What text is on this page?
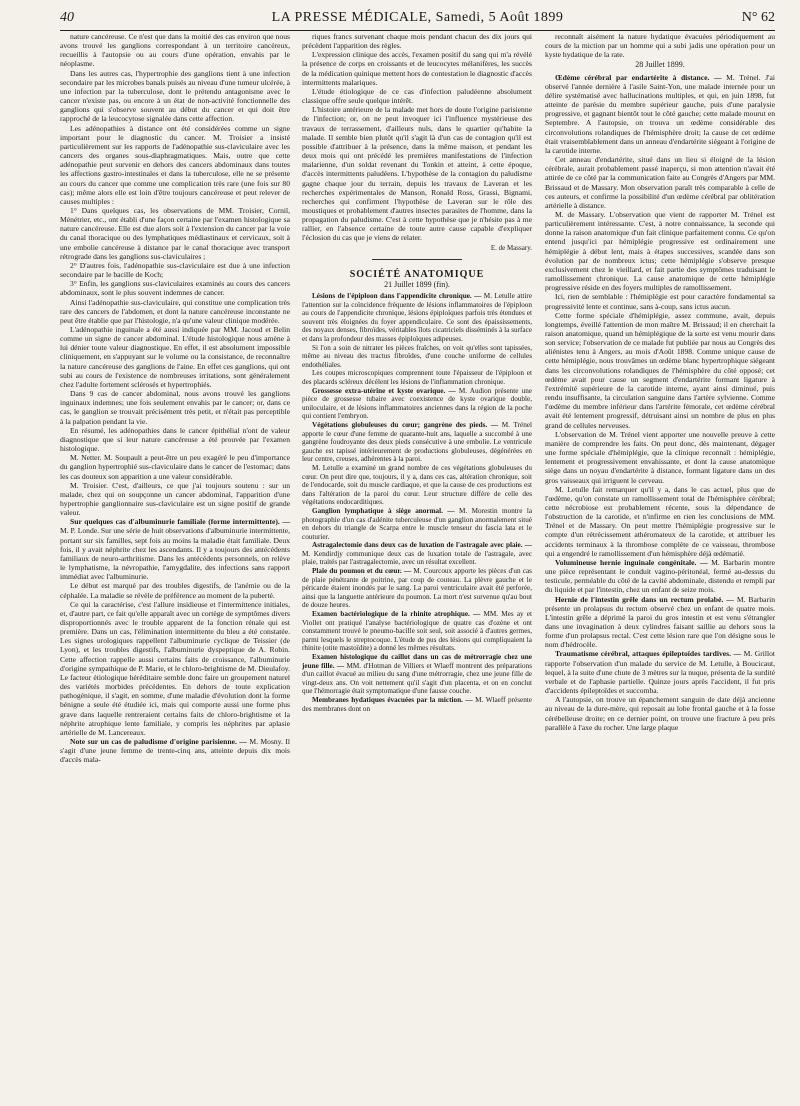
40	LA PRESSE MÉDICALE, Samedi, 5 Août 1899	N° 62

nature cancéreuse. Ce n'est que dans la moitié des cas environ que nous avons trouvé les ganglions correspondant à un territoire cancéreux, recueillis à l'autopsie ou au cours d'une opération, envahis par le néoplasme.

Dans les autres cas, l'hypertrophie des ganglions tient à une infection secondaire par les microbes banals puisés au niveau d'une tumeur ulcérée, à une infection par la tuberculose, dont le prétendu antagonisme avec le cancer n'existe pas, ou encore à un état de non-activité fonctionnelle des ganglions qui s'observe souvent au début du cancer et qui doit être rapproché de la leucocytose signalée dans cette affection.

Les adénopathies à distance ont été considérées comme un signe important pour le diagnostic du cancer. M. Troisier a insisté particulièrement sur les rapports de l'adénopathie sus-claviculaire avec les cancers des organes sous-diaphragmatiques. Mais, outre que cette adénopathie peut survenir en dehors des cancers abdominaux dans toutes les affections gastro-intestinales et dans la tuberculose, elle ne se présente au cours du cancer que comme une complication très rare (une fois sur 80 cas); même alors elle est loin d'être toujours cancéreuse et peut relever de causes multiples :

1° Dans quelques cas, les observations de MM. Troisier, Cornil, Ménétrier, etc., ont établi d'une façon certaine par l'examen histologique sa nature cancéreuse. Elle est due alors soit à l'extension du cancer par la voie du canal thoracique ou des lymphatiques médiastinaux et cervicaux, soit à une embolie cancéreuse à distance par le canal thoracique avec transport rétrograde dans les ganglions sus-claviculaires ;

2° D'autres fois, l'adénopathie sus-claviculaire est due à une infection secondaire par le bacille de Koch;

3° Enfin, les ganglions sus-claviculaires examinés au cours des cancers abdominaux, sont le plus souvent indemnes de cancer.

Ainsi l'adénopathie sus-claviculaire, qui constitue une complication très rare des cancers de l'abdomen, et dont la nature cancéreuse inconstante ne peut être établie que par l'histologie, n'a qu'une valeur clinique modérée.

L'adénopathie inguinale a été aussi indiquée par MM. Jacoud et Belin comme un signe de cancer abdominal. L'étude histologique nous amène à lui dénier toute valeur diagnostique. En effet, il est absolument impossible cliniquement, en s'appuyant sur le volume ou la consistance, de reconnaître la nature cancéreuse des ganglions de l'aine. En effet ces ganglions, qui ont subi au cours de l'existence de nombreuses irritations, sont généralement chez l'adulte fortement sclérosés et hypertrophiés.

Dans 9 cas de cancer abdominal, nous avons trouvé les ganglions inguinaux indemnes; une fois seulement envahis par le cancer; or, dans ce cas, le ganglion se trouvait précisément très petit, et n'était pas perceptible à la palpation pendant la vie.

En résumé, les adénopathies dans le cancer épithélial n'ont de valeur diagnostique que si leur nature cancéreuse a été prouvée par l'examen histologique.

M. Netter. M. Soupault a peut-être un peu exagéré le peu d'importance du ganglion hypertrophié sus-claviculaire dans le cancer de l'estomac; dans les cas douteux son apparition a une valeur considérable.

M. Troisier. C'est, d'ailleurs, ce que j'ai toujours soutenu : sur un malade, chez qui on soupçonne un cancer abdominal, l'apparition d'une hypertrophie ganglionnaire sus-claviculaire est un signe positif de grande valeur.

Sur quelques cas d'albuminurie familiale (forme intermittente). — M. P. Londe. Sur une série de huit observations d'albuminurie intermittente, portant sur six familles, sept fois au moins la maladie était familiale. Deux fois, il y avait néphrite chez les ascendants. Il y a toujours des antécédents familiaux de neuro-arthritisme. Dans les antécédents personnels, on relève le lymphatisme, la névropathie, l'amygdalite, des infections sans rapport immédiat avec l'albuminurie.

Le début est marqué par des troubles digestifs, de l'anémie ou de la céphalée. La maladie se révèle de préférence au moment de la puberté.

Ce qui la caractérise, c'est l'allure insidieuse et l'intermittence initiales, et, d'autre part, ce fait qu'elle apparaît avec un cortège de symptômes divers disproportionnés avec le trouble apparent de la fonction rénale qui est première. Dans un cas, l'élimination intermittente du bleu a été constatée. Les signes urologiques rappellent l'albuminurie cyclique de Teissier (de Lyon), et les troubles digestifs, l'albuminurie dyspeptique de A. Robin. Cette affection rappelle aussi certains faits de croissance, l'albuminurie d'origine sympathique de P. Marie, et le chloro-brightisme de M. Dieulafoy. Le facteur étiologique héréditaire semble donc faire un groupement naturel des variétés morbides précédentes. En dehors de toute explication pathogénique, il s'agit, en somme, d'une maladie d'évolution dont la forme bénigne a seule été étudiée ici, mais qui comporte aussi une forme plus grave dans laquelle rentreraient certains faits de chloro-brightisme et la néphrite atrophique lente familiale, y compris les néphrites par aplasie artérielle de M. Lancereaux.

Note sur un cas de paludisme d'origine parisienne. — M. Mosny. Il s'agit d'une jeune femme de trente-cinq ans, atteinte depuis dix mois d'accès mala-

riques francs survenant chaque mois pendant chacun des dix jours qui précèdent l'apparition des règles.

L'expression clinique des accès, l'examen positif du sang qui m'a révélé la présence de corps en croissants et de leucocytes mélanifères, les succès de la médication quinique mettent hors de contestation le diagnostic d'accès intermittents malariques.

L'étude étiologique de ce cas d'infection paludéenne absolument classique offre seule quelque intérêt.

L'histoire antérieure de la malade met hors de doute l'origine parisienne de l'infection; or, on ne peut invoquer ici l'influence mystérieuse des travaux de terrassement, d'ailleurs nuls, dans le quartier qu'habite la malade. Il semble bien plutôt qu'il s'agit là d'un cas de contagion qu'il est possible d'attribuer à la présence, dans la même maison, et pendant les deux mois qui ont précédé les premières manifestations de l'infection malarienne, d'un soldat revenant du Tonkin et atteint, à cette époque, d'accès intermittents paludéens. L'hypothèse de la contagion du paludisme gagne chaque jour du terrain, depuis les travaux de Laveran et les recherches expérimentales de Manson, Ronald Ross, Grassi, Bignami, recherches qui confirment l'hypothèse de Laveran sur le rôle des moustiques et probablement d'autres insectes parasites de l'homme, dans la propagation du paludisme. C'est à cette hypothèse que je n'hésite pas à me rallier, en l'absence certaine de toute autre cause capable d'expliquer l'éclosion du cas que je viens de relater.

E. de Massary.
SOCIÉTÉ ANATOMIQUE
21 Juillet 1899 (fin).

Lésions de l'épiploon dans l'appendicite chronique. — M. Letulle attire l'attention sur la coïncidence fréquente de lésions inflammatoires de l'épiploon au cours de l'appendicite chronique, lésions épiploïques parfois très étendues et souvent très éloignées du foyer appendiculaire. Ce sont des épaississements, des noyaux denses, fibroïdes, véritables îlots cicatriciels disséminés à la surface et dans la profondeur des masses épiploïques adipeuses.

Si l'on a soin de nitrater les pièces fraîches, on voit qu'elles sont tapissées, même au niveau des tractus fibroïdes, d'une couche uniforme de cellules endothéliales.

Les coupes microscopiques comprennent toute l'épaisseur de l'épiploon et des placards scléreux décèlent les lésions de l'inflammation chronique.

Grossesse extra-utérine et kyste ovarique. — M. Audion présente une pièce de grossesse tubaire avec coexistence de kyste ovarique double, uniloculaire, et de lésions inflammatoires anciennes dans la région de la poche qui contient l'embryon.

Végétations globuleuses du cœur; gangrène des pieds. — M. Trénel apporte le cœur d'une femme de quarante-huit ans, laquelle a succombé à une gangrène foudroyante des deux pieds consécutive à une embolie. Le ventricule gauche est tapissé intérieurement de productions globuleuses, dégénérées en leur centre, creuses, adhérentes à la paroi.

M. Letulle a examiné un grand nombre de ces végétations globuleuses du cœur. On peut dire que, toujours, il y a, dans ces cas, altération chronique, soit de l'endocarde, soit du muscle cardiaque, et que la cause de ces productions est dans l'altération de la paroi du cœur. Leur structure diffère de celle des végétations endocarditiques.

Ganglion lymphatique à siège anormal. — M. Morestin montre la photographie d'un cas d'adénite tuberculeuse d'un ganglion anormalement situé en dehors du triangle de Scarpa entre le muscle tenseur du fascia lata et le couturier.

Astragalectomie dans deux cas de luxation de l'astragale avec plaie. — M. Kendirdjy communique deux cas de luxation totale de l'astragale, avec plaie, traités par l'astragalectomie, avec un résultat excellent.

Plaie du poumon et du cœur. — M. Courcoux apporte les pièces d'un cas de plaie pénétrante de poitrine, par coup de couteau. La plèvre gauche et le péricarde étaient inondés par le sang. La paroi ventriculaire avait été perforée, ainsi que la languette antérieure du poumon. La mort n'est survenue qu'au bout de douze heures.

Examen bactériologique de la rhinite atrophique. — MM. Mes ay et Viollet ont pratiqué l'analyse bactériologique de quatre cas d'ozène et ont constamment trouvé le pneumo-bacille soit seul, soit associé à d'autres germes, parmi lesquels le streptocoque. L'étude de pus des lésions qui compliquaient la rhinite (otite mastoïdite) a donné les mêmes résultats.

Examen histologique du caillot dans un cas de métrorragie chez une jeune fille. — MM. d'Hotman de Villiers et Wlaeff montrent des préparations d'un caillot évacué au milieu du sang d'une métrorragie, chez une jeune fille de vingt-deux ans. On voit nettement qu'il s'agit d'un placenta, et on en conclut que l'hémorragie était symptomatique d'une fausse couche.

Membranes hydatiques évacuées par la miction. — M. Wlaeff présente des membranes dont on

reconnaît aisément la nature hydatique évacuées périodiquement au cours de la miction par un homme qui a subi jadis une opération pour un kyste hydatique de la rate.

28 Juillet 1899.

Œdème cérébral par endartérite à distance. — M. Trénel. J'ai observé l'année dernière à l'asile Saint-Yon, une malade internée pour un délire systématisé avec hallucinations multiples, et qui, en juin 1898, fut atteinte de parésie du membre supérieur gauche, puis d'une paralysie progressive, et gagnant bientôt tout le côté gauche; cette malade mourut en Septembre. A l'autopsie, on trouva un œdème considérable des circonvolutions rolandiques de l'hémisphère droit; la cause de cet œdème était vraisemblablement dans un anneau d'endartérite siégeant à l'origine de la carotide interne.

Cet anneau d'endartérite, situé dans un lieu si éloigné de la lésion cérébrale, aurait probablement passé inaperçu, si mon attention n'avait été attirée de ce côté par la communication faite au Congrès d'Angers par MM. Brissaud et de Massary. Mon observation paraît très comparable à celle de ces auteurs, et confirme la possibilité d'un œdème cérébral par oblitération artérielle à distance.

M. de Massary. L'observation que vient de rapporter M. Trénel est particulièrement intéressante. C'est, à notre connaissance, la seconde qui donne la raison anatomique d'un fait clinique parfaitement connu. Ce qu'on entend jusqu'ici par hémiplégie progressive est ordinairement une hémiplégie à début lent, mais à étapes successives, scandée dans son évolution par de nombreux ictus; cette hémiplégie s'observe presque exclusivement chez le vieillard, et fait partie des symptômes traduisant le ramollissement chronique. La cause anatomique de cette hémiplégie progressive réside en des foyers multiples de ramollissement.

Ici, rien de semblable : l'hémiplégie est pour caractère fondamental sa progressivité lente et continue, sans à-coup, sans ictus aucun.

Cette forme spéciale d'hémiplégie, assez commune, avait, depuis longtemps, éveillé l'attention de mon maître M. Brissaud; il en cherchait la raison anatomique, quand un hémiplégique de la sorte est venu mourir dans son service; l'observation de ce malade fut publiée par nous au Congrès des aliénistes tenu à Angers, au mois d'Août 1898. Comme unique cause de cette hémiplégie, nous trouvâmes un œdème blanc hypertrophique siégeant dans les circonvolutions rolandiques de l'hémisphère du côté opposé; cet œdème avait pour cause un segment d'endartérite formant ligature à l'extrémité supérieure de la carotide interne, ayant ainsi diminué, puis rendu insuffisante, la circulation sanguine dans l'artère sylvienne. Comme l'œdème du membre inférieur dans l'artérite fémorale, cet œdème cérébral avait été lentement progressif, détruisant ainsi un nombre de plus en plus grand de cellules nerveuses.

L'observation de M. Trénel vient apporter une nouvelle preuve à cette manière de comprendre les faits. On peut donc, dès maintenant, dégager une forme spéciale d'hémiplégie, que la clinique reconnaît : hémiplégie, lentement et progressivement envahissante, et dont la cause anatomique siège dans un noyau d'endartérite à distance, formant ligature dans un des gros vaisseaux qui irriguent le cerveau.

M. Letulle fait remarquer qu'il y a, dans le cas actuel, plus que de l'œdème, qu'on constate un ramollissement total de l'hémisphère cérébral; cette nécrobiose est probablement récente, sous la dépendance de l'obstruction de la carotide, et n'infirme en rien les conclusions de MM. Trénel et de Massary. On peut mettre l'hémiplégie progressive sur le compte d'un rétrécissement athéromateux de la carotide, et attribuer les accidents terminaux à la thrombose complète de ce vaisseau, thrombose qui a engendré le ramollissement d'un hémisphère déjà œdématié.

Volumineuse hernie inguinale congénitale. — M. Barbarin montre une pièce représentant le conduit vagino-péritonéal, fermé au-dessus du testicule, perméable du côté de la cavité abdominale, distendu et rempli par du liquide et par l'intestin, chez un enfant de seize mois.

Hernie de l'intestin grêle dans un rectum prolabé. — M. Barbarin présente un prolapsus du rectum observé chez un enfant de quatre mois. L'intestin grêle a déprimé la paroi du gros intestin et est venu s'étrangler dans une invagination à deux cylindres faisant saillie au dehors sous la forme d'un prolapsus rectal. C'est cette lésion rare que l'on désigne sous le nom d'hédrocèle.

Traumatisme cérébral, attaques épileptoïdes tardives. — M. Grillot rapporte l'observation d'un malade du service de M. Letulle, à Boucicaut, lequel, à la suite d'une chute de 3 mètres sur la nuque, présenta de la surdité verbale et de l'aphasie partielle. Quinze jours après l'accident, il fut pris d'accidents épileptoïdes et succomba.

A l'autopsie, on trouve un épanchement sanguin de date déjà ancienne au niveau de la dure-mère, qui reposait au lobe frontal gauche et à la fosse cérébelleuse droite; en ce dernier point, on trouve une fracture à peu près parallèle à l'axe du rocher. Une large plaque
